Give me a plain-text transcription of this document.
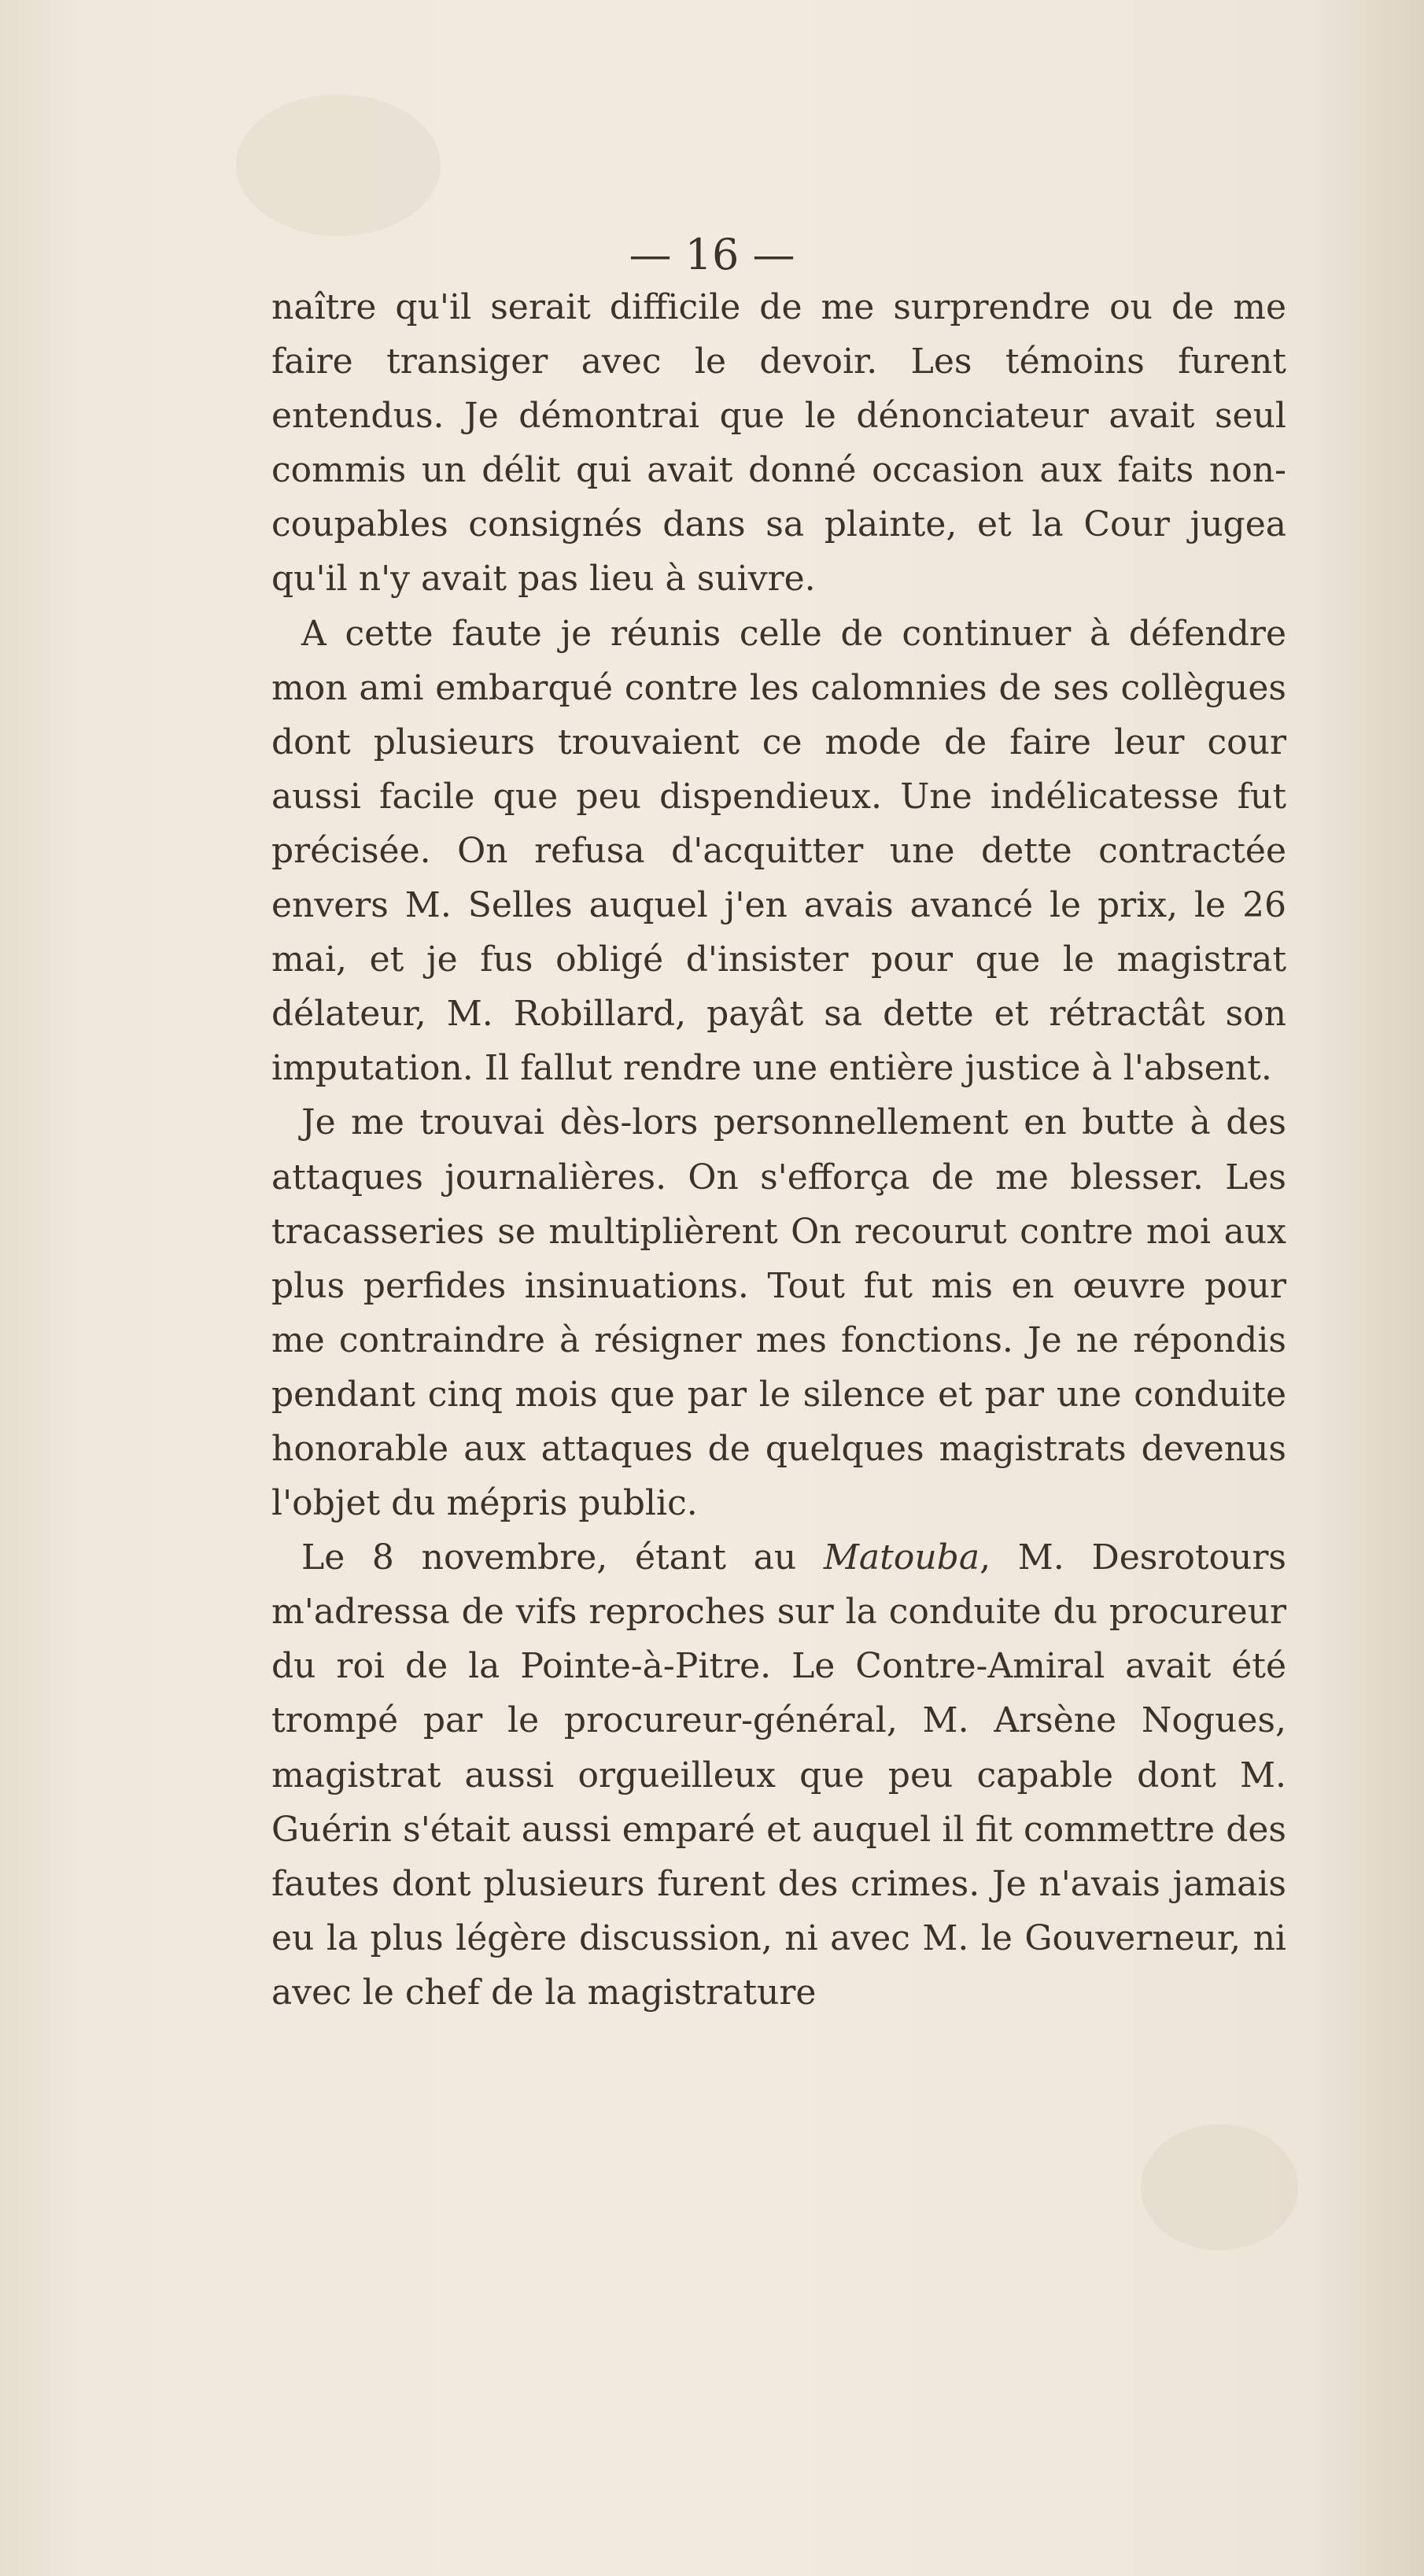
— 16 —

naître qu'il serait difficile de me surprendre ou de me faire transiger avec le devoir. Les témoins furent entendus. Je démontrai que le dénonciateur avait seul commis un délit qui avait donné occasion aux faits non-coupables consignés dans sa plainte, et la Cour jugea qu'il n'y avait pas lieu à suivre.

A cette faute je réunis celle de continuer à défendre mon ami embarqué contre les calomnies de ses collègues dont plusieurs trouvaient ce mode de faire leur cour aussi facile que peu dispendieux. Une indélicatesse fut précisée. On refusa d'acquitter une dette contractée envers M. Selles auquel j'en avais avancé le prix, le 26 mai, et je fus obligé d'insister pour que le magistrat délateur, M. Robillard, payât sa dette et rétractât son imputation. Il fallut rendre une entière justice à l'absent.

Je me trouvai dès-lors personnellement en butte à des attaques journalières. On s'efforça de me blesser. Les tracasseries se multiplièrent On recourut contre moi aux plus perfides insinuations. Tout fut mis en œuvre pour me contraindre à résigner mes fonctions. Je ne répondis pendant cinq mois que par le silence et par une conduite honorable aux attaques de quelques magistrats devenus l'objet du mépris public.

Le 8 novembre, étant au Matouba, M. Desrotours m'adressa de vifs reproches sur la conduite du procureur du roi de la Pointe-à-Pitre. Le Contre-Amiral avait été trompé par le procureur-général, M. Arsène Nogues, magistrat aussi orgueilleux que peu capable dont M. Guérin s'était aussi emparé et auquel il fit commettre des fautes dont plusieurs furent des crimes. Je n'avais jamais eu la plus légère discussion, ni avec M. le Gouverneur, ni avec le chef de la magistrature
